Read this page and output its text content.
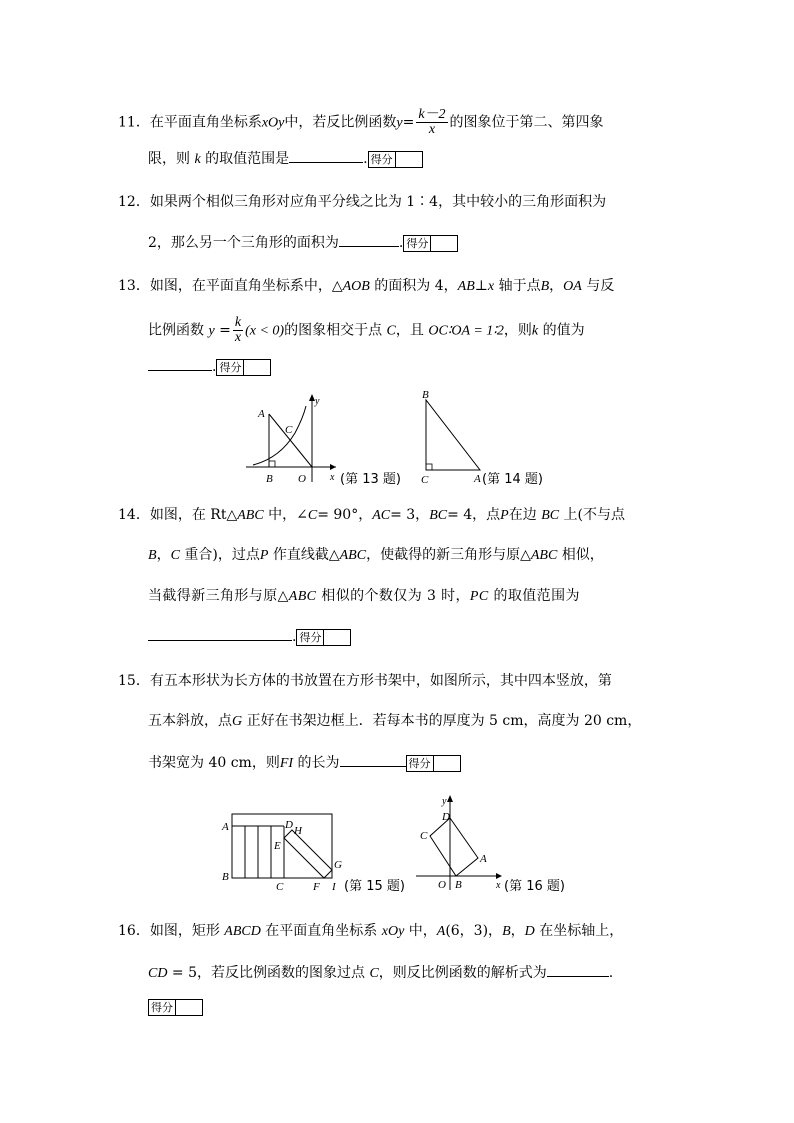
11．在平面直角坐标系xOy中，若反比例函数$y= \frac{k-2}{x}$ 的图象位于第二、第四象
限，则 k 的取值范围是	. 得分
12．如果两个相似三角形对应角平分线之比为 1∶4，其中较小的三角形面积为
2，那么另一个三角形的面积为	. 得分
13．如图，在平面直角坐标系中，△AOB 的面积为 4，AB⊥x 轴于点B，OA 与反
比例函数 $y = \frac{k}{x} (x < 0)$的图象相交于点 C，且 OC∶OA = 1∶2，则k 的值为
. 得分
A
C
B O x
y
(第 13 题)
B
C	A (第 14 题)
14．如图，在 Rt△ABC 中，∠C= 90°，AC= 3，BC= 4，点P在边 BC 上(不与点
B，C 重合)，过点P 作直线截△ABC，使截得的新三角形与原△ABC 相似，
当截得新三角形与原△ABC 相似的个数仅为 3 时，PC 的取值范围为
. 得分
15．有五本形状为长方体的书放置在方形书架中，如图所示，其中四本竖放，第
五本斜放，点G 正好在书架边框上．若每本书的厚度为 5 cm，高度为 20 cm，
书架宽为 40 cm，则FI 的长为	得分
A
B
C
D
E
H
G
F I (第 15 题)
y
D
C
A
O B	x (第 16 题)
16．如图，矩形 ABCD 在平面直角坐标系 xOy 中，A(6，3)，B，D 在坐标轴上，
CD = 5，若反比例函数的图象过点 C，则反比例函数的解析式为	.
得分
